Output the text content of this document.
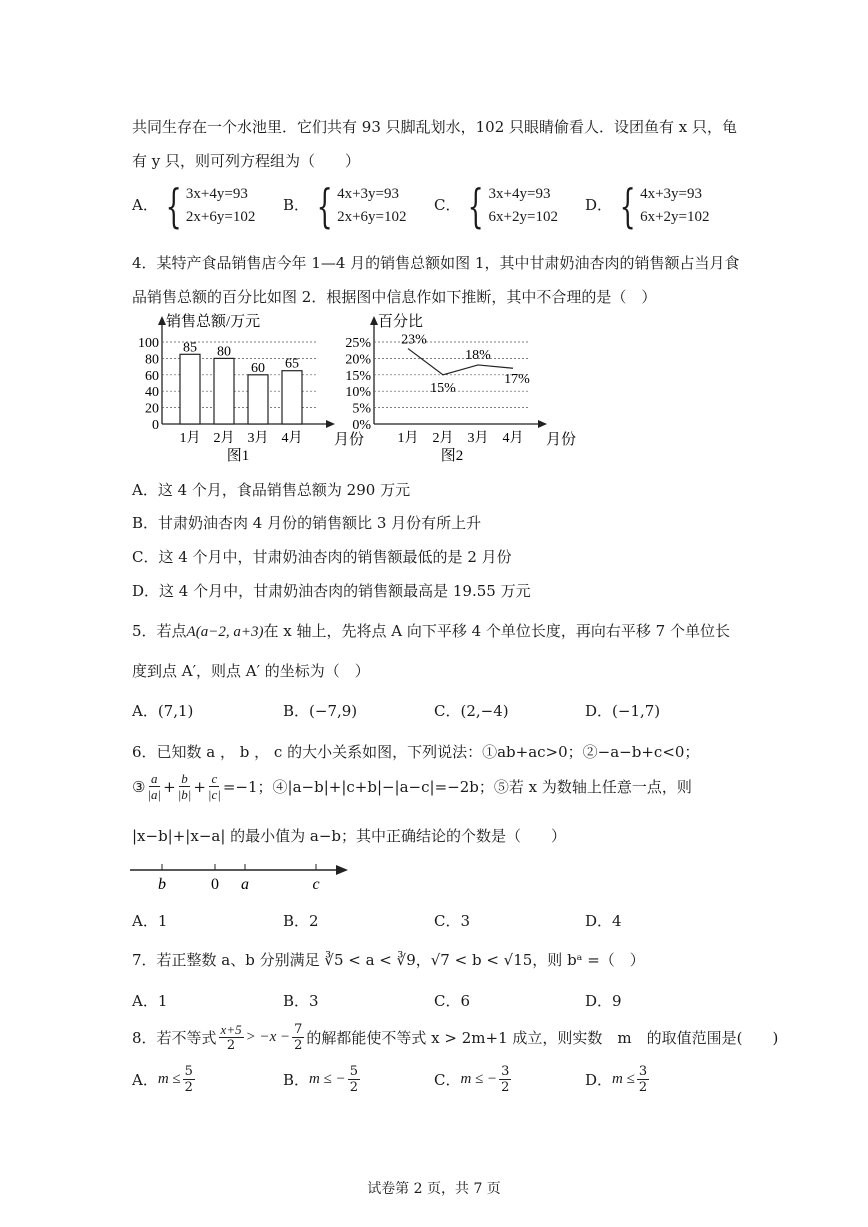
共同生存在一个水池里．它们共有 93 只脚乱划水，102 只眼睛偷看人．设团鱼有 x 只，龟
有 y 只，则可列方程组为（　　）
A． { 3x+4y=93
2x+6y=102
B． { 4x+3y=93
2x+6y=102
C． { 3x+4y=93
6x+2y=102
D． { 4x+3y=93
6x+2y=102
4．某特产食品销售店今年 1—4 月的销售总额如图 1，其中甘肃奶油杏肉的销售额占当月食
品销售总额的百分比如图 2．根据图中信息作如下推断，其中不合理的是（　）
0
20
40
60
80
100
销售总额/万元
月份
1月 2月 3月 4月
图1
85 80
60 65
0%
5%
10%
15%
20%
25%
百分比
月份
1月 2月 3月 4月
图2
23%
15%
18%
17%
A．这 4 个月，食品销售总额为 290 万元
B．甘肃奶油杏肉 4 月份的销售额比 3 月份有所上升
C．这 4 个月中，甘肃奶油杏肉的销售额最低的是 2 月份
D．这 4 个月中，甘肃奶油杏肉的销售额最高是 19.55 万元
5．若点A(a−2, a+3)在 x 轴上，先将点 A 向下平移 4 个单位长度，再向右平移 7 个单位长
度到点 A′，则点 A′ 的坐标为（　）
A．(7,1)	B．(−7,9)	C．(2,−4)	D．(−1,7)
6．已知数 a ， b ， c 的大小关系如图，下列说法：①ab+ac>0；②−a−b+c<0；
③ $\frac{a}{|a|} + \frac{b}{|b|} + \frac{c}{|c|} =-1$；④|a−b|+|c+b|−|a−c|=−2b；⑤若 x 为数轴上任意一点，则
|x−b|+|x−a| 的最小值为 a−b；其中正确结论的个数是（　　）
b	0 a	c
A．1	B．2	C．3	D．4
7．若正整数 a、b 分别满足 ∛5 < a < ∛9，√7 < b < √15，则 bᵃ =（　）
A．1	B．3	C．6	D．9
8．若不等式 $\frac{x+5}{2} > -x - \frac{7}{2}$ 的解都能使不等式 x > 2m+1 成立，则实数　m　的取值范围是(　　)
A． $m \le \frac{5}{2}$	B． m ≤ − $\frac{5}{2}$	C． m ≤ − $\frac{3}{2}$	D． $m \le \frac{3}{2}$
试卷第 2 页，共 7 页
